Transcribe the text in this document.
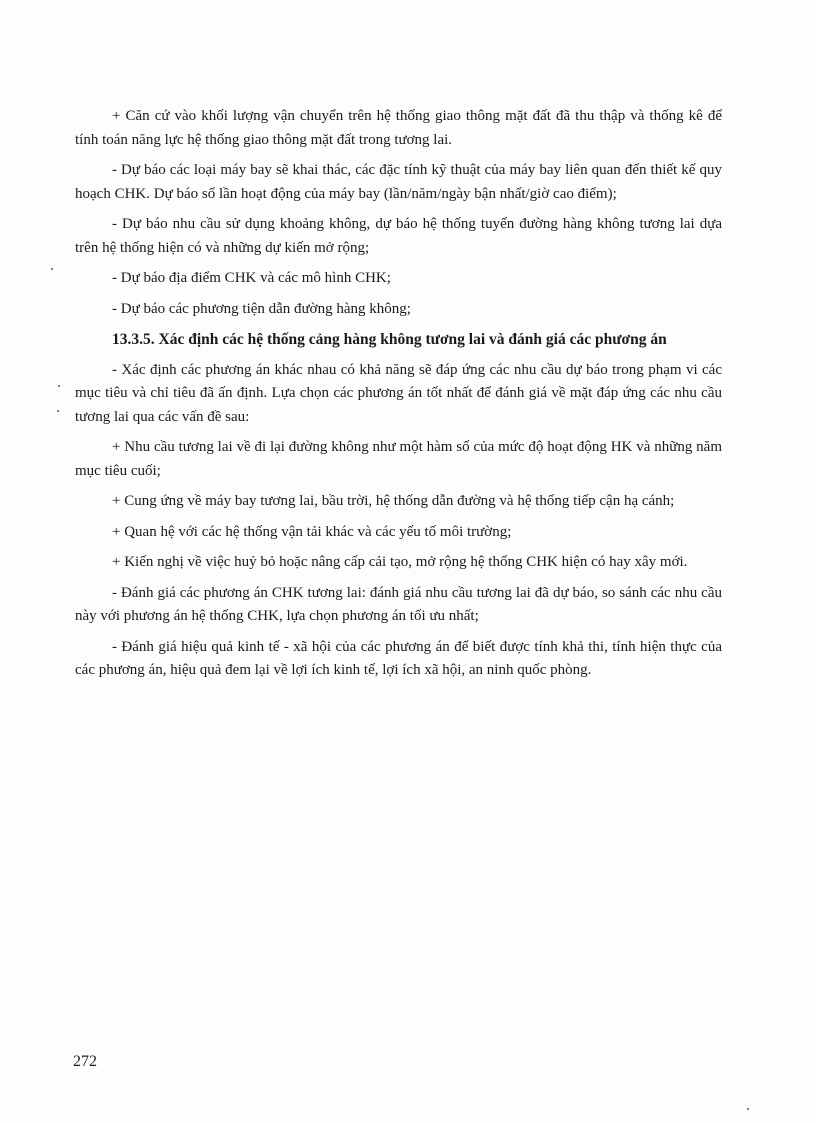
+ Căn cứ vào khối lượng vận chuyển trên hệ thống giao thông mặt đất đã thu thập và thống kê để tính toán năng lực hệ thống giao thông mặt đất trong tương lai.

- Dự báo các loại máy bay sẽ khai thác, các đặc tính kỹ thuật của máy bay liên quan đến thiết kế quy hoạch CHK. Dự báo số lần hoạt động của máy bay (lần/năm/ngày bận nhất/giờ cao điểm);

- Dự báo nhu cầu sử dụng khoảng không, dự báo hệ thống tuyến đường hàng không tương lai dựa trên hệ thống hiện có và những dự kiến mở rộng;

- Dự báo địa điểm CHK và các mô hình CHK;

- Dự báo các phương tiện dẫn đường hàng không;

13.3.5. Xác định các hệ thống cảng hàng không tương lai và đánh giá các phương án

- Xác định các phương án khác nhau có khả năng sẽ đáp ứng các nhu cầu dự báo trong phạm vi các mục tiêu và chỉ tiêu đã ấn định. Lựa chọn các phương án tốt nhất để đánh giá về mặt đáp ứng các nhu cầu tương lai qua các vấn đề sau:

+ Nhu cầu tương lai về đi lại đường không như một hàm số của mức độ hoạt động HK và những năm mục tiêu cuối;

+ Cung ứng về máy bay tương lai, bầu trời, hệ thống dẫn đường và hệ thống tiếp cận hạ cánh;

+ Quan hệ với các hệ thống vận tải khác và các yếu tố môi trường;

+ Kiến nghị về việc huỷ bỏ hoặc nâng cấp cải tạo, mở rộng hệ thống CHK hiện có hay xây mới.

- Đánh giá các phương án CHK tương lai: đánh giá nhu cầu tương lai đã dự báo, so sánh các nhu cầu này với phương án hệ thống CHK, lựa chọn phương án tối ưu nhất;

- Đánh giá hiệu quả kinh tế - xã hội của các phương án để biết được tính khả thi, tính hiện thực của các phương án, hiệu quả đem lại về lợi ích kinh tế, lợi ích xã hội, an ninh quốc phòng.

272
